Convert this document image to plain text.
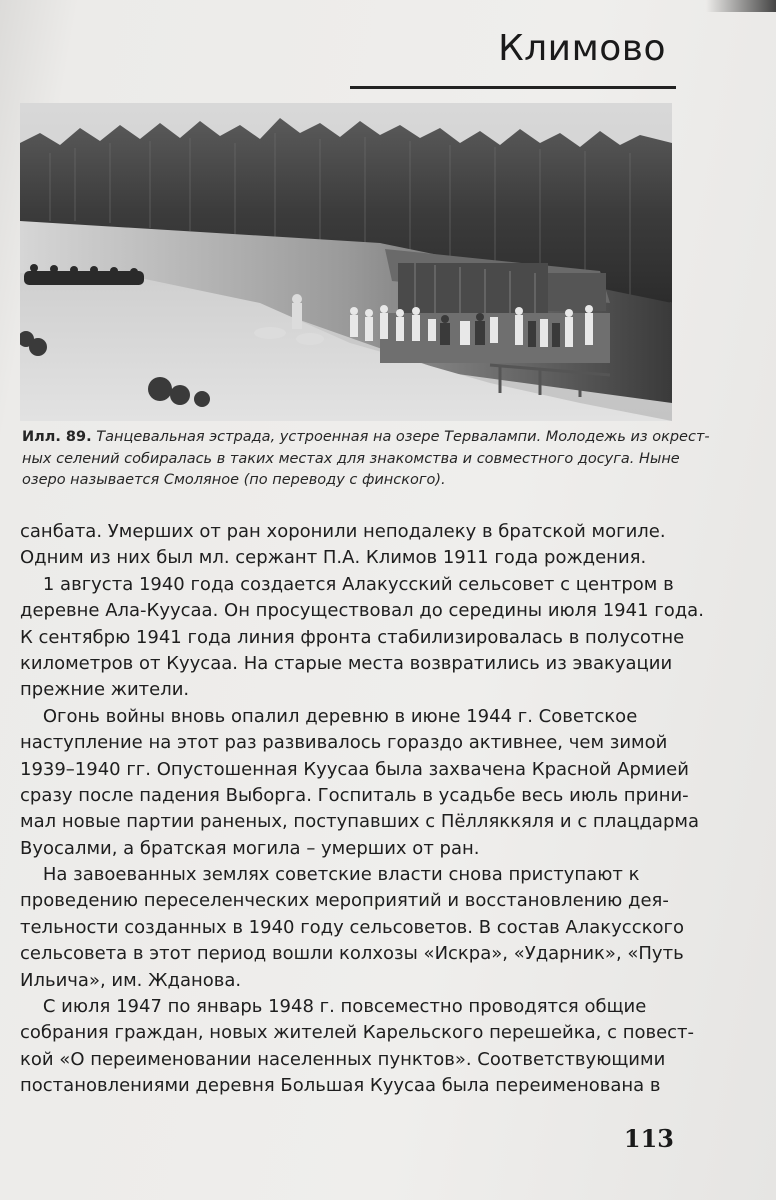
Климово
Илл. 89. Танцевальная эстрада, устроенная на озере Тервалампи. Молодежь из окрест-
ных селений собиралась в таких местах для знакомства и совместного досуга. Ныне
озеро называется Смоляное (по переводу с финского).
санбата. Умерших от ран хоронили неподалеку в братской могиле.
Одним из них был мл. сержант П.А. Климов 1911 года рождения.
1 августа 1940 года создается Алакусский сельсовет с центром в
деревне Ала-Куусаа. Он просуществовал до середины июля 1941 года.
К сентябрю 1941 года линия фронта стабилизировалась в полусотне
километров от Куусаа. На старые места возвратились из эвакуации
прежние жители.
Огонь войны вновь опалил деревню в июне 1944 г. Советское
наступление на этот раз развивалось гораздо активнее, чем зимой
1939–1940 гг. Опустошенная Куусаа была захвачена Красной Армией
сразу после падения Выборга. Госпиталь в усадьбе весь июль прини-
мал новые партии раненых, поступавших с Пёлляккяля и с плацдарма
Вуосалми, а братская могила – умерших от ран.
На завоеванных землях советские власти снова приступают к
проведению переселенческих мероприятий и восстановлению дея-
тельности созданных в 1940 году сельсоветов. В состав Алакусского
сельсовета в этот период вошли колхозы «Искра», «Ударник», «Путь
Ильича», им. Жданова.
С июля 1947 по январь 1948 г. повсеместно проводятся общие
собрания граждан, новых жителей Карельского перешейка, с повест-
кой «О переименовании населенных пунктов». Соответствующими
постановлениями деревня Большая Куусаа была переименована в
113
